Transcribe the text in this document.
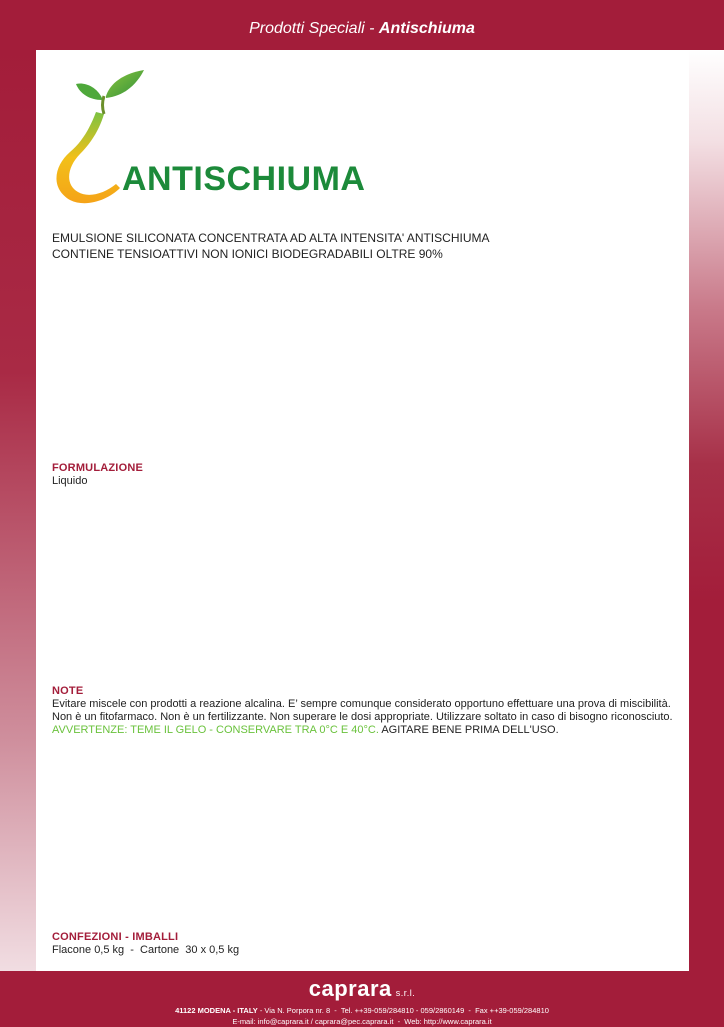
Prodotti Speciali - Antischiuma
ANTISCHIUMA
EMULSIONE SILICONATA CONCENTRATA AD ALTA INTENSITA' ANTISCHIUMA
CONTIENE TENSIOATTIVI NON IONICI BIODEGRADABILI OLTRE 90%
FORMULAZIONE
Liquido
NOTE
Evitare miscele con prodotti a reazione alcalina. E’ sempre comunque considerato opportuno effettuare una prova di miscibilità.
Non è un fitofarmaco. Non è un fertilizzante. Non superare le dosi appropriate. Utilizzare soltato in caso di bisogno riconosciuto.
AVVERTENZE: TEME IL GELO - CONSERVARE TRA 0°C E 40°C. AGITARE BENE PRIMA DELL'USO.
CONFEZIONI - IMBALLI
Flacone 0,5 kg  -  Cartone  30 x 0,5 kg
caprara s.r.l.
41122 MODENA - ITALY - Via N. Porpora nr. 8  -  Tel. ++39-059/284810 - 059/2860149  -  Fax ++39-059/284810
E-mail: info@caprara.it / caprara@pec.caprara.it  -  Web: http://www.caprara.it
